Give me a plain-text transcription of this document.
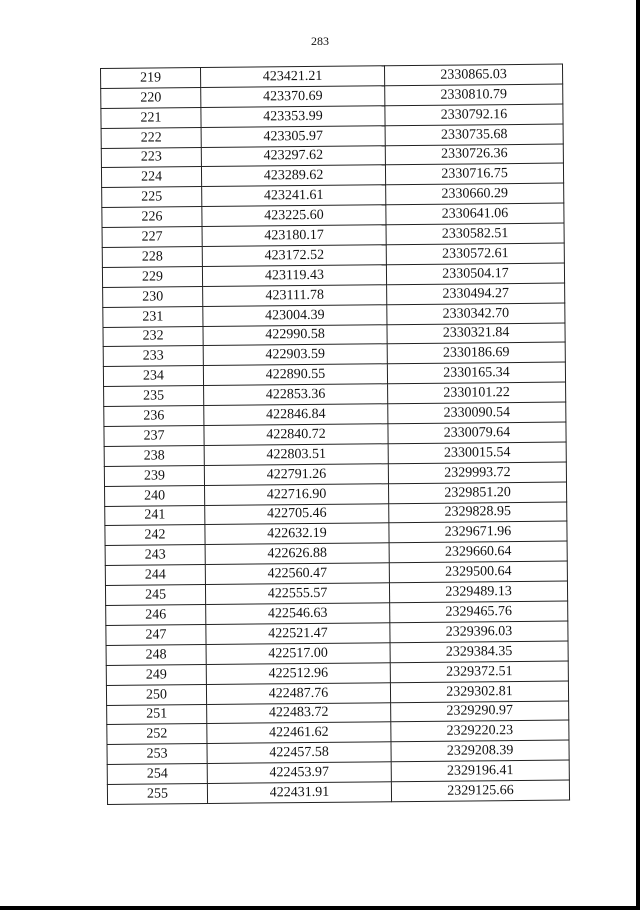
283
219	423421.21	2330865.03
220	423370.69	2330810.79
221	423353.99	2330792.16
222	423305.97	2330735.68
223	423297.62	2330726.36
224	423289.62	2330716.75
225	423241.61	2330660.29
226	423225.60	2330641.06
227	423180.17	2330582.51
228	423172.52	2330572.61
229	423119.43	2330504.17
230	423111.78	2330494.27
231	423004.39	2330342.70
232	422990.58	2330321.84
233	422903.59	2330186.69
234	422890.55	2330165.34
235	422853.36	2330101.22
236	422846.84	2330090.54
237	422840.72	2330079.64
238	422803.51	2330015.54
239	422791.26	2329993.72
240	422716.90	2329851.20
241	422705.46	2329828.95
242	422632.19	2329671.96
243	422626.88	2329660.64
244	422560.47	2329500.64
245	422555.57	2329489.13
246	422546.63	2329465.76
247	422521.47	2329396.03
248	422517.00	2329384.35
249	422512.96	2329372.51
250	422487.76	2329302.81
251	422483.72	2329290.97
252	422461.62	2329220.23
253	422457.58	2329208.39
254	422453.97	2329196.41
255	422431.91	2329125.66
